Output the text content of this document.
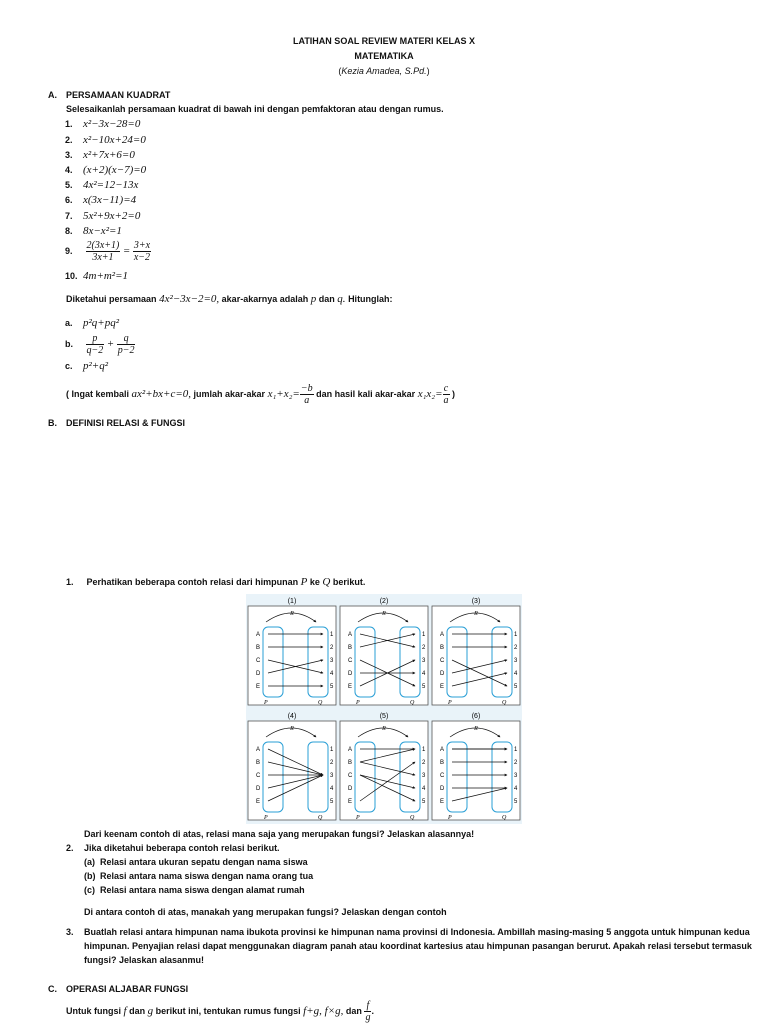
LATIHAN SOAL REVIEW MATERI KELAS X
MATEMATIKA
(Kezia Amadea, S.Pd.)
A. PERSAMAAN KUADRAT
Selesaikanlah persamaan kuadrat di bawah ini dengan pemfaktoran atau dengan rumus.
1. x²−3x−28=0
2. x²−10x+24=0
3. x²+7x+6=0
4. (x+2)(x−7)=0
5. 4x²=12−13x
6. x(3x−11)=4
7. 5x²+9x+2=0
8. 8x−x²=1
9. $\frac{2(3x+1)}{3x+1} = \frac{3+x}{x-2}$
10. 4m+m²=1
Diketahui persamaan 4x²−3x−2=0, akar-akarnya adalah p dan q. Hitunglah:
a. p²q+pq²
b. $\frac{p}{q-2} + \frac{q}{p-2}$
c. p²+q²
( Ingat kembali ax²+bx+c=0, jumlah akar-akar $x_1+x_2= \frac{-b}{a}$ dan hasil kali akar-akar $x_1x_2= \frac{c}{a}$ )
B. DEFINISI RELASI & FUNGSI
1. Perhatikan beberapa contoh relasi dari himpunan P ke Q berikut.
(1)
R
P	Q
A	1
B	2
C	3
D	4
E	5
(2)
R
P	Q
A	1
B	2
C	3
D	4
E	5
(3)
R
P	Q
A	1
B	2
C	3
D	4
E	5
(4)
R
P	Q
A	1
B	2
C	3
D	4
E	5
(5)
R
P	Q
A	1
B	2
C	3
D	4
E	5
(6)
R
P	Q
A	1
B	2
C	3
D	4
E	5
Dari keenam contoh di atas, relasi mana saja yang merupakan fungsi? Jelaskan alasannya!
2. Jika diketahui beberapa contoh relasi berikut.
(a) Relasi antara ukuran sepatu dengan nama siswa
(b) Relasi antara nama siswa dengan nama orang tua
(c) Relasi antara nama siswa dengan alamat rumah
Di antara contoh di atas, manakah yang merupakan fungsi? Jelaskan dengan contoh
3. Buatlah relasi antara himpunan nama ibukota provinsi ke himpunan nama provinsi di Indonesia. Ambillah masing-masing 5 anggota untuk himpunan kedua
himpunan. Penyajian relasi dapat menggunakan diagram panah atau koordinat kartesius atau himpunan pasangan berurut. Apakah relasi tersebut termasuk
fungsi? Jelaskan alasanmu!
C. OPERASI ALJABAR FUNGSI
Untuk fungsi f dan g berikut ini, tentukan rumus fungsi f+g, f×g, dan $\frac{f}{g}$ .
